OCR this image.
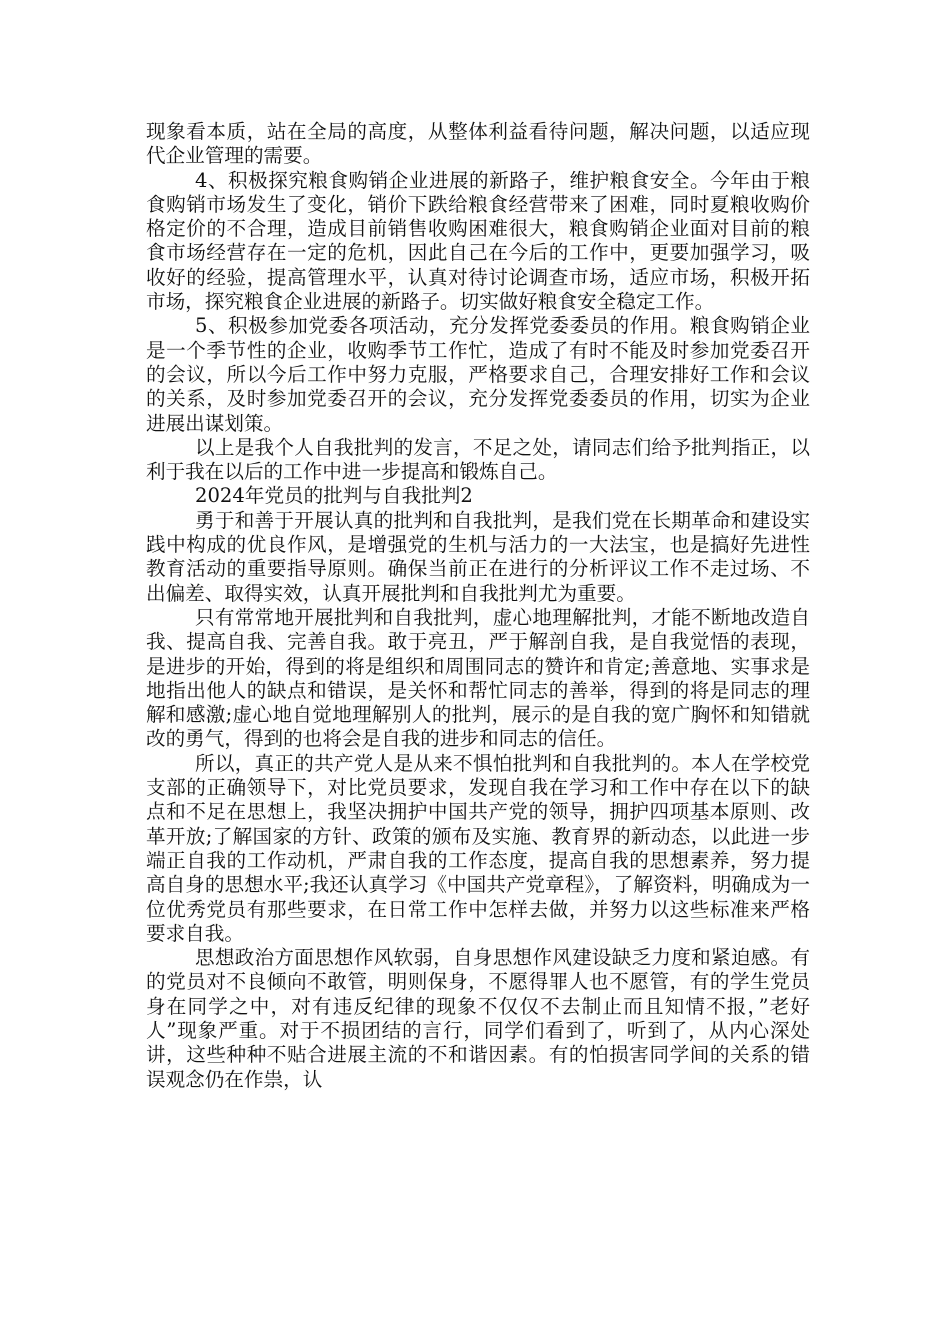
现象看本质，站在全局的高度，从整体利益看待问题，解决问题，以适应现代企业管理的需要。

4、积极探究粮食购销企业进展的新路子，维护粮食安全。今年由于粮食购销市场发生了变化，销价下跌给粮食经营带来了困难，同时夏粮收购价格定价的不合理，造成目前销售收购困难很大，粮食购销企业面对目前的粮食市场经营存在一定的危机，因此自己在今后的工作中，更要加强学习，吸收好的经验，提高管理水平，认真对待讨论调查市场，适应市场，积极开拓市场，探究粮食企业进展的新路子。切实做好粮食安全稳定工作。

5、积极参加党委各项活动，充分发挥党委委员的作用。粮食购销企业是一个季节性的企业，收购季节工作忙，造成了有时不能及时参加党委召开的会议，所以今后工作中努力克服，严格要求自己，合理安排好工作和会议的关系，及时参加党委召开的会议，充分发挥党委委员的作用，切实为企业进展出谋划策。

以上是我个人自我批判的发言，不足之处，请同志们给予批判指正，以利于我在以后的工作中进一步提高和锻炼自己。

2024年党员的批判与自我批判2

勇于和善于开展认真的批判和自我批判，是我们党在长期革命和建设实践中构成的优良作风，是增强党的生机与活力的一大法宝，也是搞好先进性教育活动的重要指导原则。确保当前正在进行的分析评议工作不走过场、不出偏差、取得实效，认真开展批判和自我批判尤为重要。

只有常常地开展批判和自我批判，虚心地理解批判，才能不断地改造自我、提高自我、完善自我。敢于亮丑，严于解剖自我，是自我觉悟的表现，是进步的开始，得到的将是组织和周围同志的赞许和肯定;善意地、实事求是地指出他人的缺点和错误，是关怀和帮忙同志的善举，得到的将是同志的理解和感激;虚心地自觉地理解别人的批判，展示的是自我的宽广胸怀和知错就改的勇气，得到的也将会是自我的进步和同志的信任。

所以，真正的共产党人是从来不惧怕批判和自我批判的。本人在学校党支部的正确领导下，对比党员要求，发现自我在学习和工作中存在以下的缺点和不足在思想上，我坚决拥护中国共产党的领导，拥护四项基本原则、改革开放;了解国家的方针、政策的颁布及实施、教育界的新动态，以此进一步端正自我的工作动机，严肃自我的工作态度，提高自我的思想素养，努力提高自身的思想水平;我还认真学习《中国共产党章程》，了解资料，明确成为一位优秀党员有那些要求，在日常工作中怎样去做，并努力以这些标准来严格要求自我。

思想政治方面思想作风软弱，自身思想作风建设缺乏力度和紧迫感。有的党员对不良倾向不敢管，明则保身，不愿得罪人也不愿管，有的学生党员身在同学之中，对有违反纪律的现象不仅仅不去制止而且知情不报，”老好人”现象严重。对于不损团结的言行，同学们看到了，听到了，从内心深处讲，这些种种不贴合进展主流的不和谐因素。有的怕损害同学间的关系的错误观念仍在作祟，认
